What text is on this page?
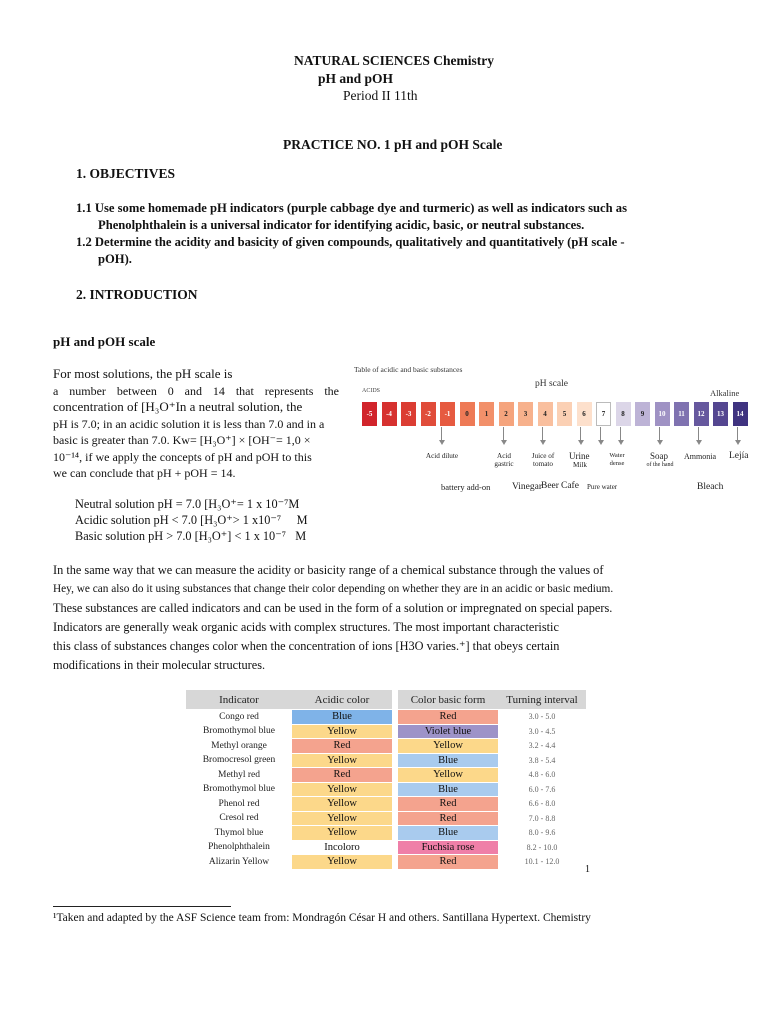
NATURAL SCIENCES Chemistry
pH and pOH
Period II 11th
PRACTICE NO. 1 pH and pOH Scale
1. OBJECTIVES
1.1 Use some homemade pH indicators (purple cabbage dye and turmeric) as well as indicators such as
Phenolphthalein is a universal indicator for identifying acidic, basic, or neutral substances.
1.2 Determine the acidity and basicity of given compounds, qualitatively and quantitatively (pH scale -
pOH).
2. INTRODUCTION
pH and pOH scale
For most solutions, the pH scale is
a number between 0 and 14 that represents the
concentration of [H₃O⁺In a neutral solution, the
pH is 7.0; in an acidic solution it is less than 7.0 and in a
basic is greater than 7.0. Kw= [H₃O⁺] × [OH⁻= 1,0 ×
10⁻¹⁴, if we apply the concepts of pH and pOH to this
we can conclude that pH + pOH = 14.
Neutral solution pH = 7.0 [H₃O⁺= 1 x 10⁻⁷M
Acidic solution pH < 7.0 [H₃O⁺> 1 x10⁻⁷     M
Basic solution pH > 7.0 [H₃O⁺] < 1 x 10⁻⁷   M
Table of acidic and basic substances
ACIDS
pH scale
Alkaline
-5	-4	-3	-2	-1	0	1	2	3	4	5	6	7	8	9	10	11	12	13	14
Acid dilute	Acid gastric
Juice of tomato
Urine
Milk
Water dense
Soap
of the hand
Ammonia Lejía
battery add-on Vinegar
Beer Cafe Pure water	Bleach
In the same way that we can measure the acidity or basicity range of a chemical substance through the values of
Hey, we can also do it using substances that change their color depending on whether they are in an acidic or basic medium.
These substances are called indicators and can be used in the form of a solution or impregnated on special papers.
Indicators are generally weak organic acids with complex structures. The most important characteristic
this class of substances changes color when the concentration of ions [H3O varies.⁺] that obeys certain
modifications in their molecular structures.
Indicator	Acidic color		Color basic form	Turning interval
Congo red	Blue		Red	3.0 - 5.0
Bromothymol blue	Yellow		Violet blue	3.0 - 4.5
Methyl orange	Red		Yellow	3.2 - 4.4
Bromocresol green	Yellow		Blue	3.8 - 5.4
Methyl red	Red		Yellow	4.8 - 6.0
Bromothymol blue	Yellow		Blue	6.0 - 7.6
Phenol red	Yellow		Red	6.6 - 8.0
Cresol red	Yellow		Red	7.0 - 8.8
Thymol blue	Yellow		Blue	8.0 - 9.6
Phenolphthalein	Incoloro		Fuchsia rose	8.2 - 10.0
Alizarin Yellow	Yellow		Red	10.1 - 12.0
1
¹Taken and adapted by the ASF Science team from: Mondragón César H and others. Santillana Hypertext. Chemistry
